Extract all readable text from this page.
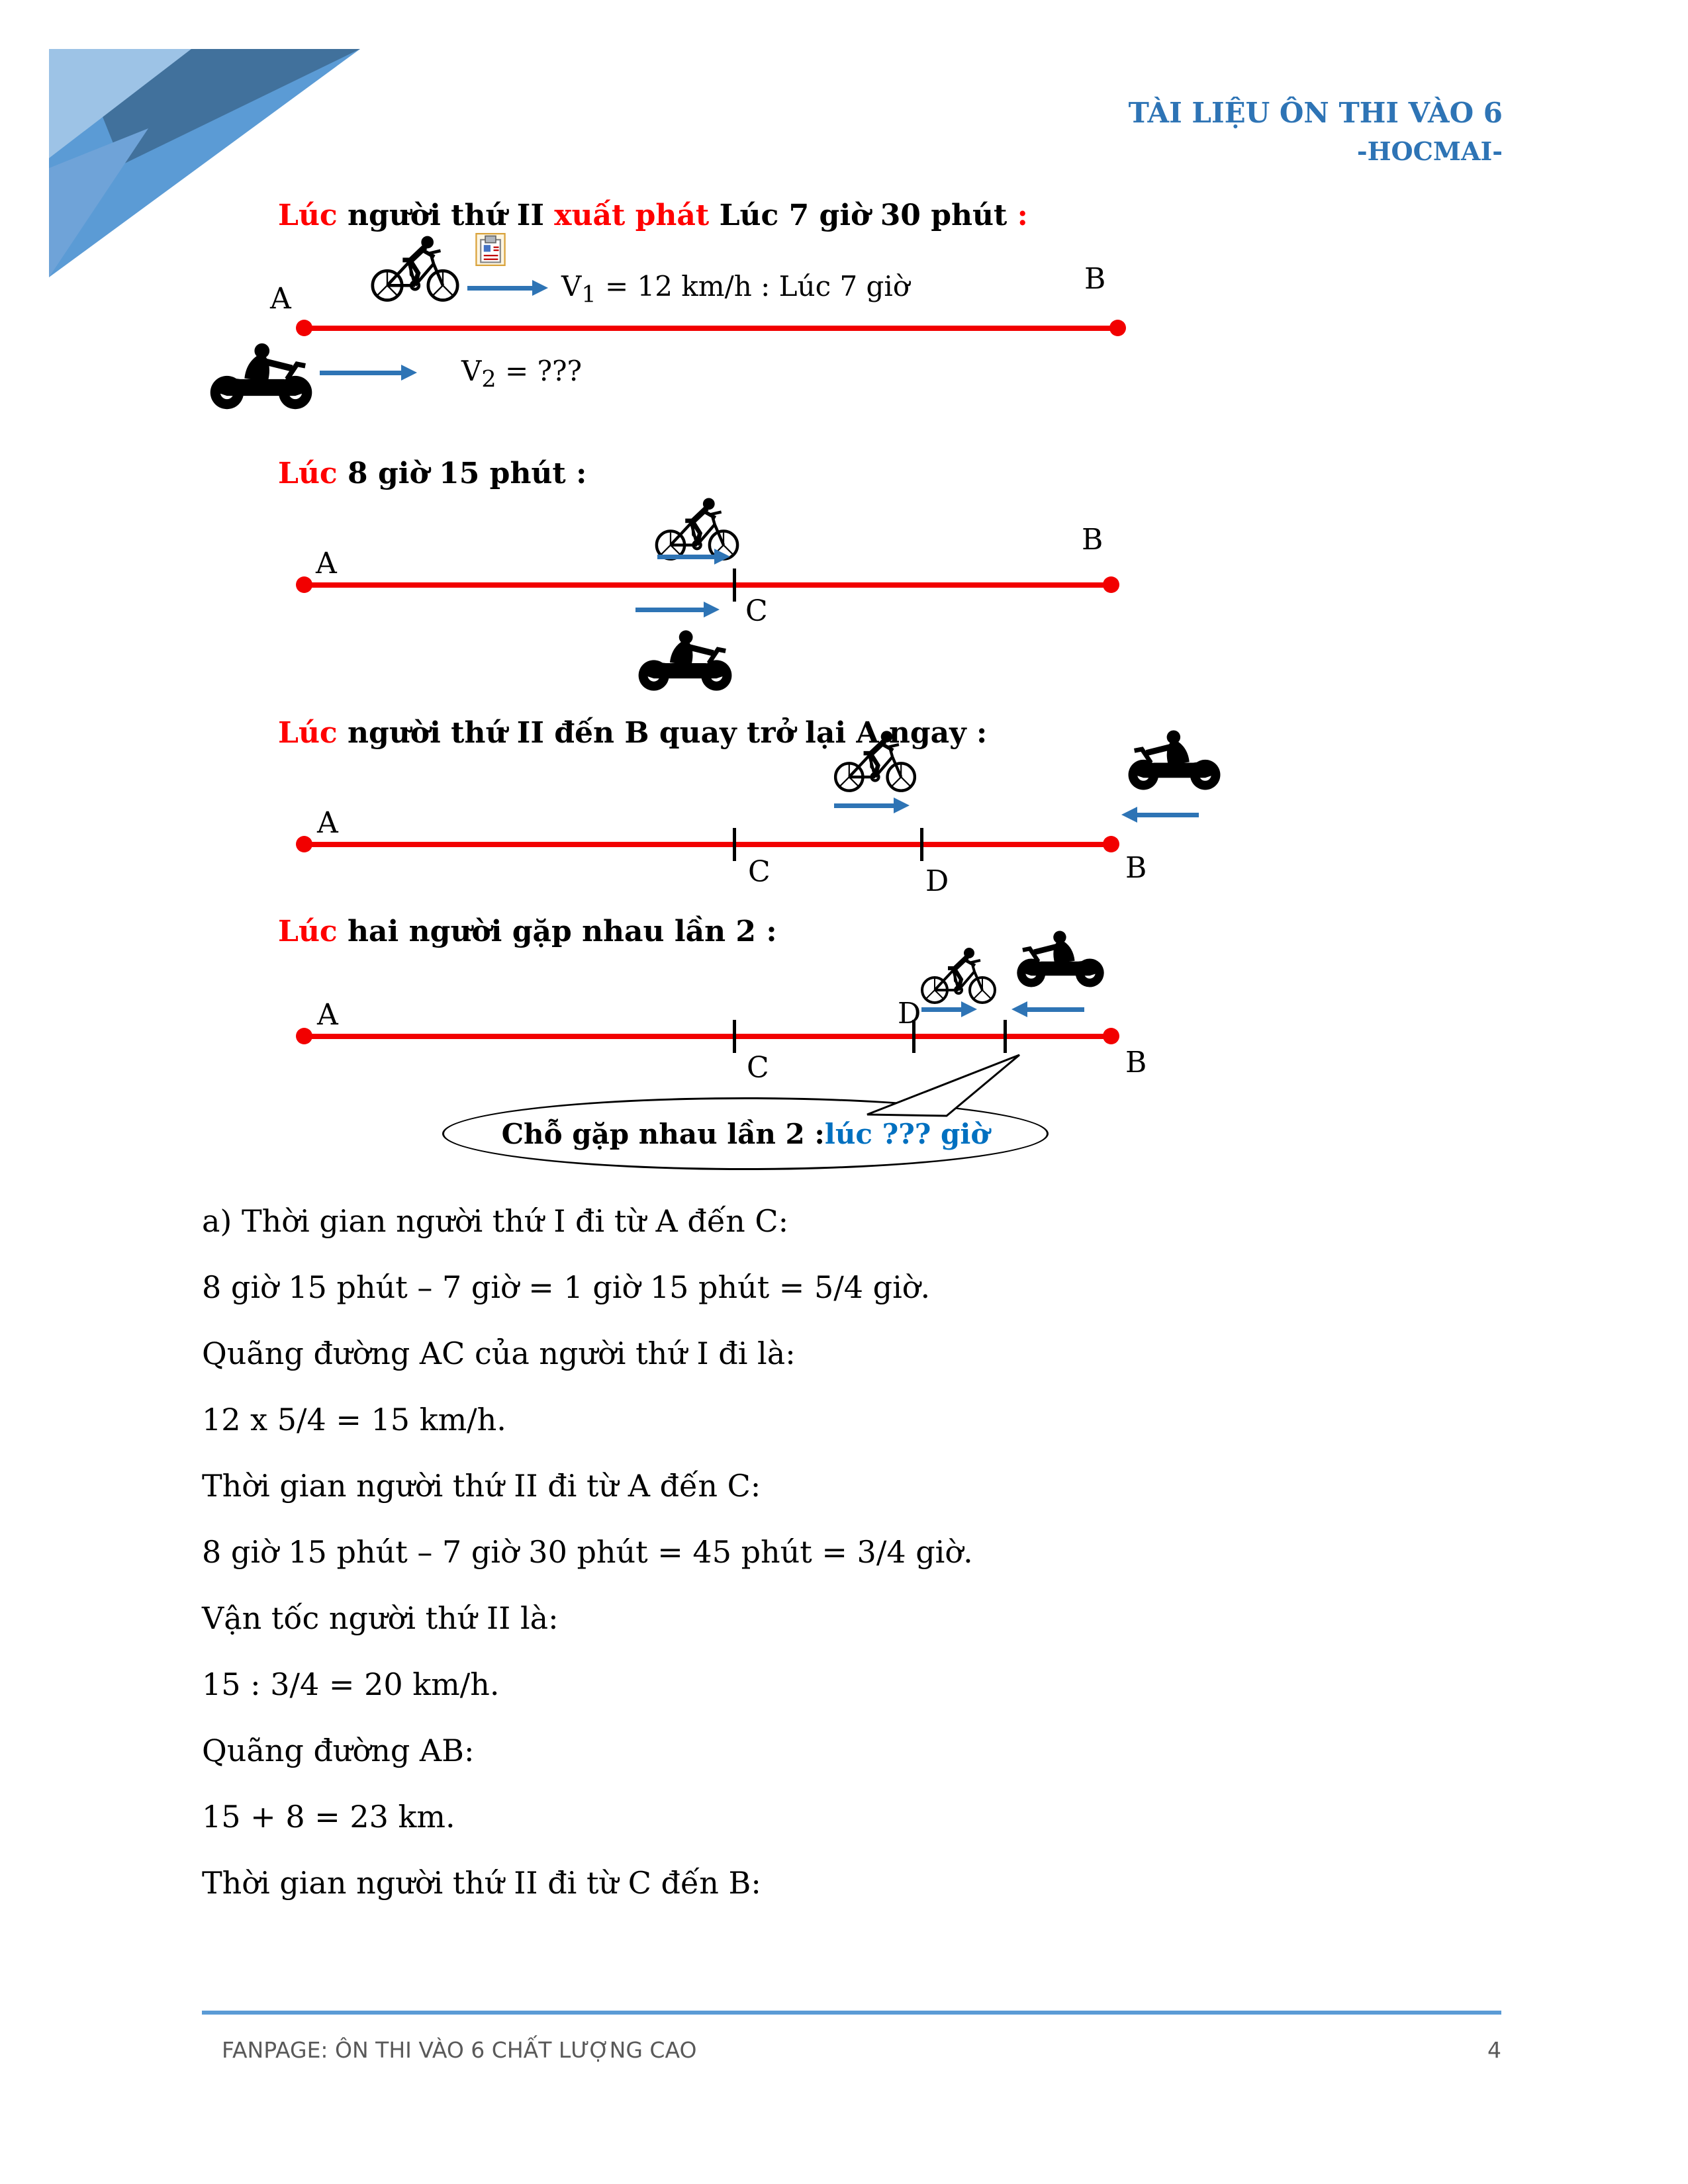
TÀI LIỆU ÔN THI VÀO 6
-HOCMAI-
Lúc người thứ II xuất phát Lúc 7 giờ 30 phút :
$V_1 = 12$ km/h : Lúc 7 giờ
A
B
$V_2$ = ???
Lúc 8 giờ 15 phút :
B
A
C
Lúc người thứ II đến B quay trở lại A ngay :
A
C	D	B
Lúc hai người gặp nhau lần 2 :
A	D
C	B
Chỗ gặp nhau lần 2 : lúc ??? giờ

a) Thời gian người thứ I đi từ A đến C:

8 giờ 15 phút – 7 giờ = 1 giờ 15 phút = 5/4 giờ.

Quãng đường AC của người thứ I đi là:

12 x 5/4 = 15 km/h.

Thời gian người thứ II đi từ A đến C:

8 giờ 15 phút – 7 giờ 30 phút = 45 phút = 3/4 giờ.

Vận tốc người thứ II là:

15 : 3/4 = 20 km/h.

Quãng đường AB:

15 + 8 = 23 km.

Thời gian người thứ II đi từ C đến B:

FANPAGE: ÔN THI VÀO 6 CHẤT LƯỢNG CAO	4
